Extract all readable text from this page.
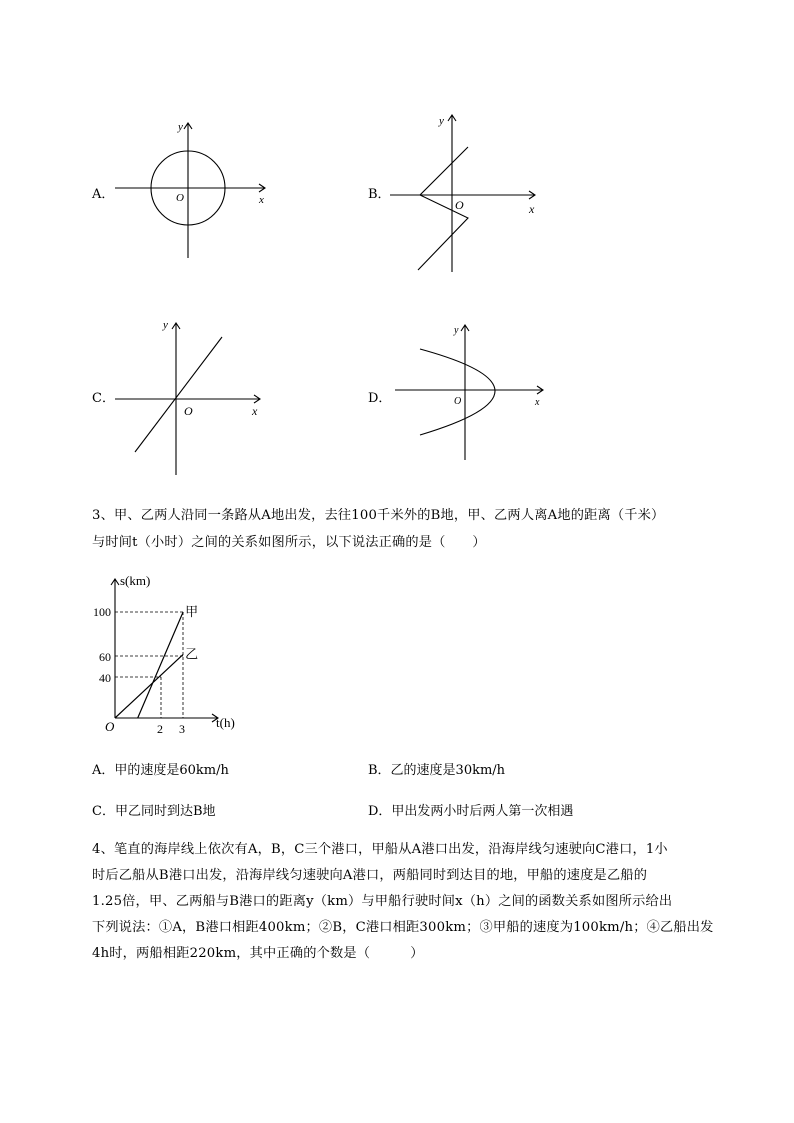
A．	x
y
O	B．
x
y
O
C．
x
y
O
D．	x
y
O
3、甲、乙两人沿同一条路从A地出发，去往100千米外的B地，甲、乙两人离A地的距离（千米）
与时间t（小时）之间的关系如图所示，以下说法正确的是（　　）
t(h)
s(km)
O
100
60
40
2 3
甲
乙
A．甲的速度是60km/h	B．乙的速度是30km/h
C．甲乙同时到达B地	D．甲出发两小时后两人第一次相遇
4、笔直的海岸线上依次有A，B，C三个港口，甲船从A港口出发，沿海岸线匀速驶向C港口，1小
时后乙船从B港口出发，沿海岸线匀速驶向A港口，两船同时到达目的地，甲船的速度是乙船的
1.25倍，甲、乙两船与B港口的距离y（km）与甲船行驶时间x（h）之间的函数关系如图所示给出
下列说法：①A，B港口相距400km；②B，C港口相距300km；③甲船的速度为100km/h；④乙船出发
4h时，两船相距220km，其中正确的个数是（　　　）
